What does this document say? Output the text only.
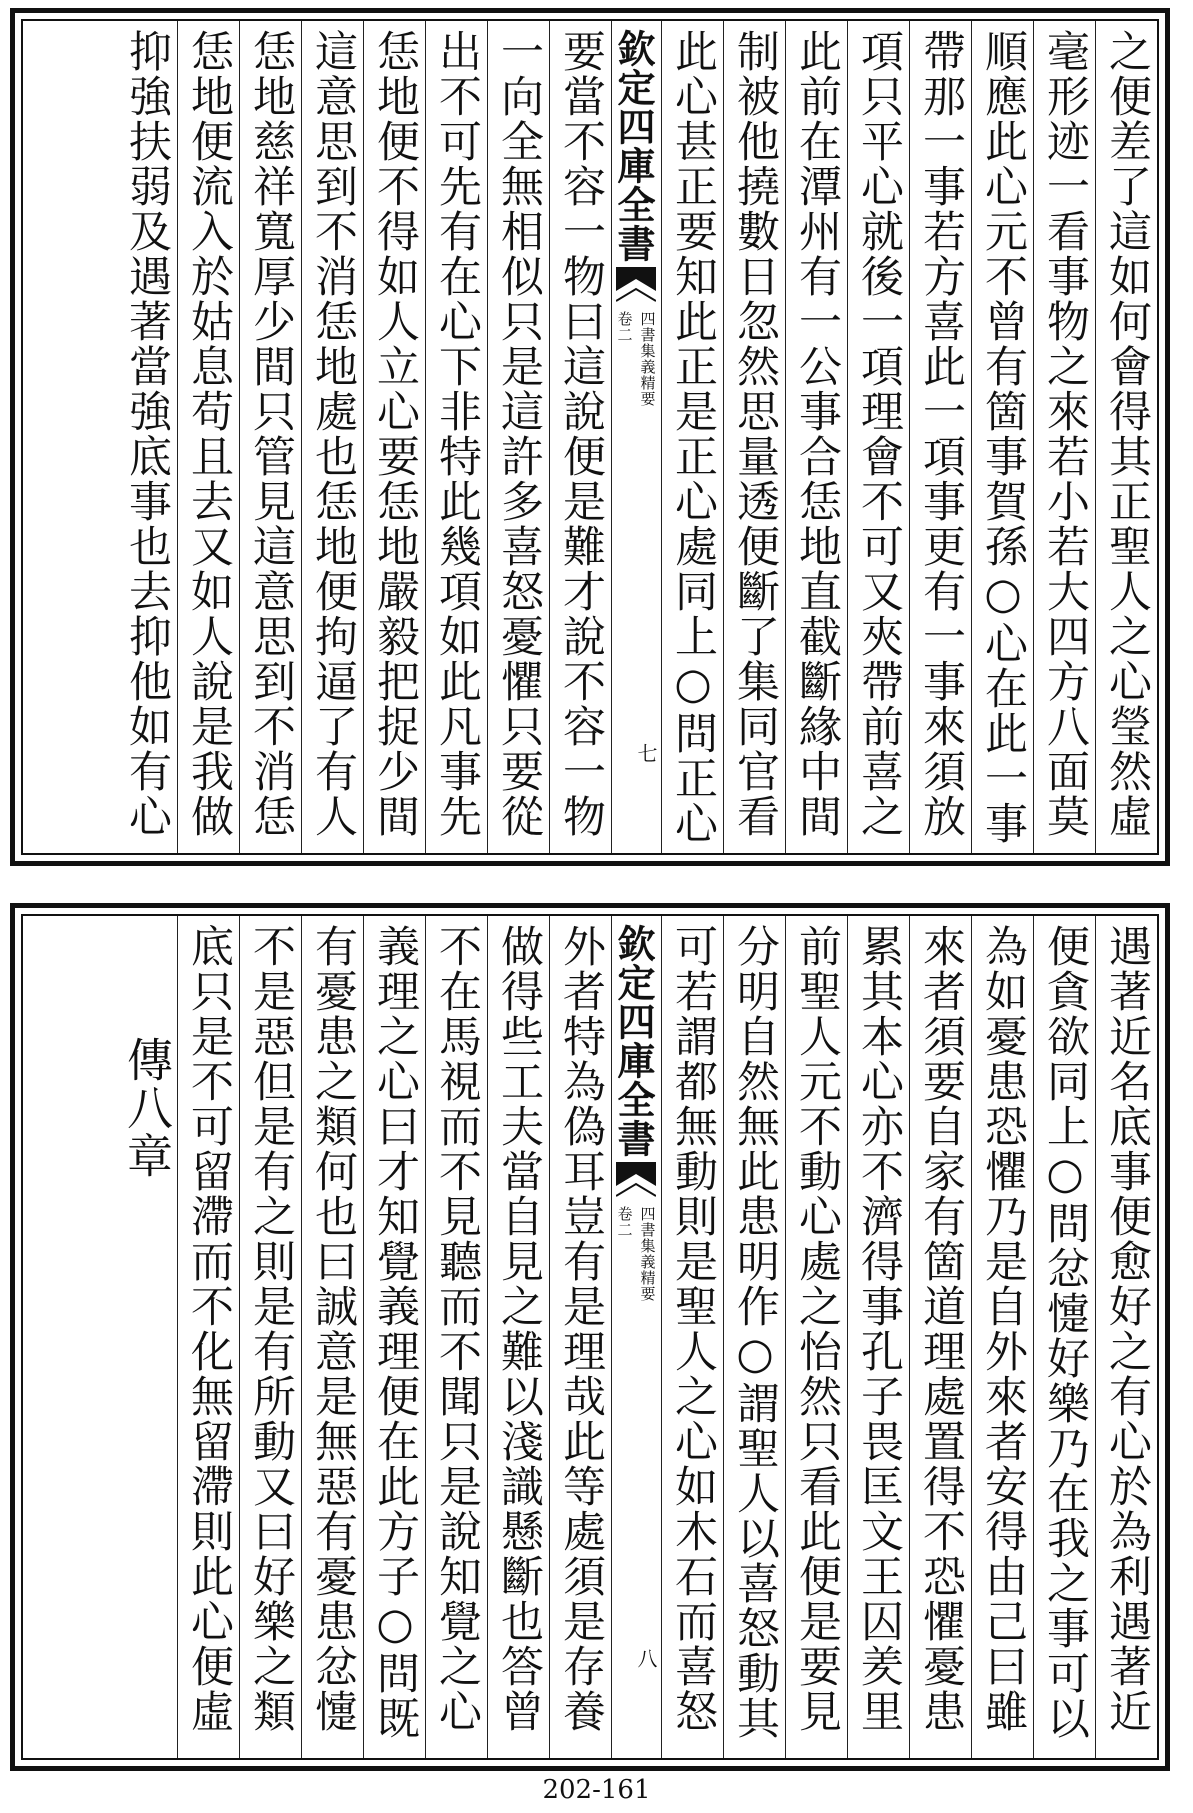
之便差了這如何會得其正聖人之心瑩然虛
毫形迹一看事物之來若小若大四方八面莫
順應此心元不曾有箇事賀孫○心在此一事
帶那一事若方喜此一項事更有一事來須放
項只平心就後一項理會不可又夾帶前喜之
此前在潭州有一公事合恁地直截斷緣中間
制被他撓數日忽然思量透便斷了集同官看
此心甚正要知此正是正心處同上○問正心
欽定四庫全書
四書集義精要
卷二
七
要當不容一物曰這說便是難才說不容一物
一向全無相似只是這許多喜怒憂懼只要從
出不可先有在心下非特此幾項如此凡事先
恁地便不得如人立心要恁地嚴毅把捉少間
這意思到不消恁地處也恁地便拘逼了有人
恁地慈祥寬厚少間只管見這意思到不消恁
恁地便流入於姑息苟且去又如人說是我做
抑強扶弱及遇著當強底事也去抑他如有心
遇著近名底事便愈好之有心於為利遇著近
便貪欲同上○問忿懥好樂乃在我之事可以
為如憂患恐懼乃是自外來者安得由己曰雖
來者須要自家有箇道理處置得不恐懼憂患
累其本心亦不濟得事孔子畏匡文王囚羑里
前聖人元不動心處之怡然只看此便是要見
分明自然無此患明作○謂聖人以喜怒動其
可若謂都無動則是聖人之心如木石而喜怒
欽定四庫全書
四書集義精要
卷二
八
外者特為偽耳豈有是理哉此等處須是存養
做得些工夫當自見之難以淺識懸斷也答曾
不在馬視而不見聽而不聞只是說知覺之心
義理之心曰才知覺義理便在此方子○問既
有憂患之類何也曰誠意是無惡有憂患忿懥
不是惡但是有之則是有所動又曰好樂之類
底只是不可留滯而不化無留滯則此心便虛
傳八章
202-161
